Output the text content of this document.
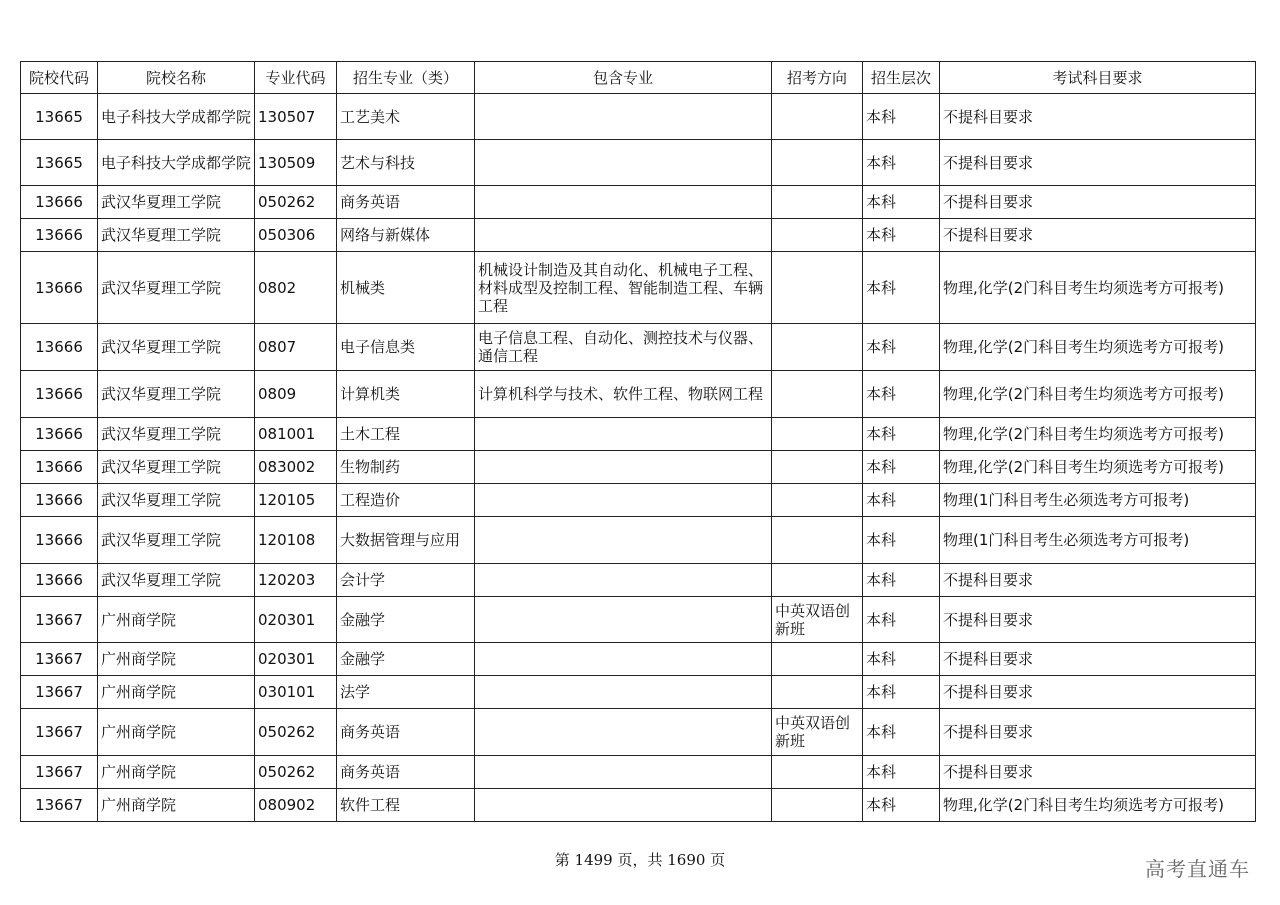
院校代码	院校名称	专业代码	招生专业（类）	包含专业	招考方向	招生层次	考试科目要求
13665	电子科技大学成都学院	130507	工艺美术			本科	不提科目要求
13665	电子科技大学成都学院	130509	艺术与科技			本科	不提科目要求
13666	武汉华夏理工学院	050262	商务英语			本科	不提科目要求
13666	武汉华夏理工学院	050306	网络与新媒体			本科	不提科目要求
13666	武汉华夏理工学院	0802	机械类	机械设计制造及其自动化、机械电子工程、材料成型及控制工程、智能制造工程、车辆工程		本科	物理,化学(2门科目考生均须选考方可报考)
13666	武汉华夏理工学院	0807	电子信息类	电子信息工程、自动化、测控技术与仪器、通信工程		本科	物理,化学(2门科目考生均须选考方可报考)
13666	武汉华夏理工学院	0809	计算机类	计算机科学与技术、软件工程、物联网工程		本科	物理,化学(2门科目考生均须选考方可报考)
13666	武汉华夏理工学院	081001	土木工程			本科	物理,化学(2门科目考生均须选考方可报考)
13666	武汉华夏理工学院	083002	生物制药			本科	物理,化学(2门科目考生均须选考方可报考)
13666	武汉华夏理工学院	120105	工程造价			本科	物理(1门科目考生必须选考方可报考)
13666	武汉华夏理工学院	120108	大数据管理与应用			本科	物理(1门科目考生必须选考方可报考)
13666	武汉华夏理工学院	120203	会计学			本科	不提科目要求
13667	广州商学院	020301	金融学		中英双语创新班	本科	不提科目要求
13667	广州商学院	020301	金融学			本科	不提科目要求
13667	广州商学院	030101	法学			本科	不提科目要求
13667	广州商学院	050262	商务英语		中英双语创新班	本科	不提科目要求
13667	广州商学院	050262	商务英语			本科	不提科目要求
13667	广州商学院	080902	软件工程			本科	物理,化学(2门科目考生均须选考方可报考)
第 1499 页，共 1690 页	高考直通车
